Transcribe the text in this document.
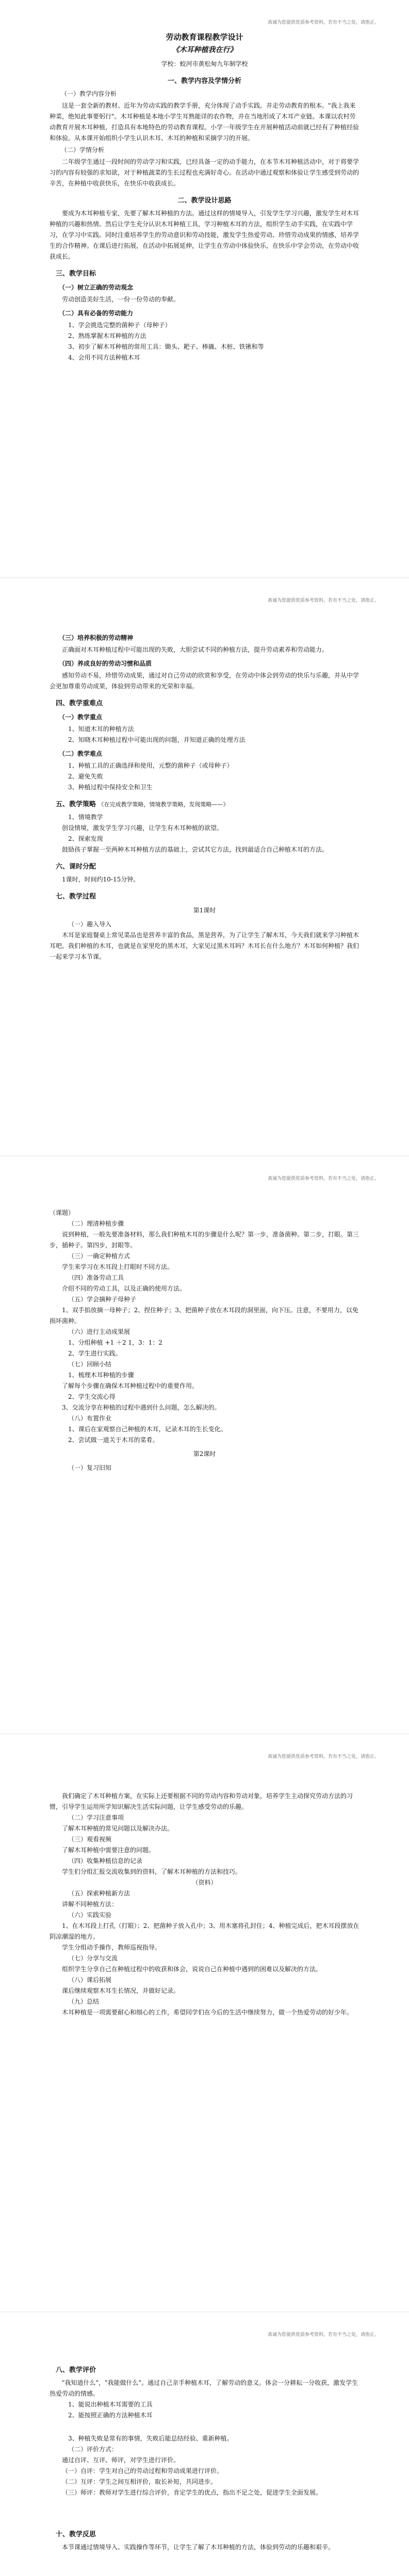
真诚为您提供优质参考资料，若有不当之处，请指正。
劳动教育课程教学设计
《木耳种植我在行》
学校：蛟河市黄松甸九年制学校
一、教学内容及学情分析
（一）教学内容分析

这是一套全新的教材。近年为劳动实践的教学手册，充分体现了动手实践。并走劳动教育的根本。"我上我来种菜，绝知此事要躬行"。木耳种植是本地小学生耳熟能详的农作物，并在当地形成了木耳产业链。本课以农村劳动教育开展木耳种植，打造具有本地特色的劳动教育课程。小学一年级学生在开展种植活动前就已经有了种植经验和体验。从本课开始组织小学生认识木耳、木耳的种植和采摘学习的开展。

（二）学情分析

二年级学生通过一段时间的劳动学习和实践，已经具备一定的动手能力，在本节木耳种植活动中，对于将要学习的内容有较强的求知欲，对于种植蔬菜的生长过程也充满好奇心。在活动中通过观察和体验让学生感受到劳动的辛苦，在种植中收获快乐，在快乐中收获成长。

二、教学设计思路

要成为木耳种植专家，先要了解木耳种植的方法。通过这样的情境导入，引发学生学习兴趣，激发学生对木耳种植的兴趣和热情。然后让学生充分认识木耳种植工具，学习种植木耳的方法，组织学生动手实践，在实践中学习，在学习中实践。同时注重培养学生的劳动意识和劳动技能，激发学生热爱劳动、珍惜劳动成果的情感，培养学生的合作精神。在课后进行拓展，在活动中拓展延伸，让学生在劳动中体验快乐，在快乐中学会劳动，在劳动中收获成长。

三、教学目标
（一）树立正确的劳动观念

劳动创造美好生活，一份一份劳动的奉献。

（二）具有必备的劳动能力
1、学会挑选完整的菌种子（母种子）
2、熟练掌握木耳种植的方法
3、初步了解木耳种植的常用工具：锄头、耙子、棒撬、木桩、铁锹和等
4、会用不同方法种植木耳
真诚为您提供优质参考资料，若有不当之处，请指正。
（三）培养积极的劳动精神

正确面对木耳种植过程中可能出现的失败，大胆尝试不同的种植方法，提升劳动素养和劳动能力。

（四）养成良好的劳动习惯和品质

感知劳动不易，珍惜劳动成果，通过对自己劳动的欣赏和享受，在劳动中体会到劳动的快乐与乐趣，并从中学会更加尊重劳动成果，体验到劳动带来的光荣和幸福。

四、教学重难点
（一）教学重点
1、知道木耳的种植方法
2、知晓木耳种植过程中可能出现的问题，并知道正确的处理方法
（二）教学难点
1、种植工具的正确选择和使用，元整的菌种子（或母种子）
2、避免失败
3、种植过程中保持安全和卫生
五、教学策略 《在完成教学策略，情境教学策略，发现策略——》
1、情境教学

创设情境，激发学生学习兴趣，让学生有木耳种植的欲望。

2、探索发现

鼓励孩子掌握一至两种木耳种植方法的基础上，尝试其它方法，找到最适合自己种植木耳的方法。

六、课时分配

1课时，时间约10-15分钟。

七、教学过程
第1课时
（一）趣入导入

木耳是家庭餐桌上常见菜品也是营养丰富的食品，黑是营养，为了让学生了解木耳，今天我们就来学习种植木耳吧。我们种植的木耳，也就是在家里吃的黑木耳，大家见过黑木耳吗？木耳长在什么地方？木耳如何种植？我们一起来学习本节课。

真诚为您提供优质参考资料，若有不当之处，请指正。
（课题）
（二）理清种植步骤

说到种植，一般先要准备材料，那么我们种植木耳的步骤是什么呢？第一步，准备菌种。第二步，打眼。第三步，插种子。第四步，封眼等。

（三）一确定种植方式

学生来学习在木耳段上打眼时不同方法。

（四）准备劳动工具

介绍不同的劳动工具，以及正确的使用方法。

（五）学会摘种子母种子

1、双手掐放摘一母种子；2、捏住种子；3、把菌种子放在木耳段的洞里面，向下压。注意，不要用力，以免损坏菌种。

（六）进行主动成果展
1、分组种植 +1 ＋2 1，3：1：2
2、学生进行实践。
（七）回顾小结
1、梳理木耳种植的步骤

了解每个步骤在确保木耳种植过程中的重要作用。

2、学生交流心得

3、交流分享在种植的过程中遇到什么问题，怎么解决的。

（八）布置作业
1、课后在家观察自己种植的木耳，记录木耳的生长变化。
2、尝试做一道关于木耳的菜肴。
第2课时
（一）复习旧知
真诚为您提供优质参考资料，若有不当之处，请指正。

我们确定了木耳种植方案，在实际上还要根据不同的劳动内容和劳动对象，培养学生主动探究劳动方法的习惯，引导学生运用所学知识解决生活实际问题，让学生感受劳动的乐趣。

（二）学习注意事项

了解木耳种植的常见问题以及解决办法。

（三）观看视频

了解木耳种植中需要注意的问题。

（四）收集种植信息的记录

学生们分组汇报交流收集到的资料，了解木耳种植的方法和技巧。

（资料）
（五）探索种植新方法

讲解不同种植方法：

（六）实践实验

1、在木耳段上打孔（打眼）；2、把菌种子放入孔中；3、用木塞将孔封住；4、种植完成后，把木耳段摆放在阴凉潮湿的地方。

学生分组动手操作，教师巡视指导。

（七）分享与交流

组织学生分享自己在种植过程中的收获和体会，说说自己在种植中遇到的困难以及解决的方法。

（八）课后拓展

课后继续观察木耳生长情况，并做好记录。

（九）总结

木耳种植是一项需要耐心和细心的工作，希望同学们在今后的生活中继续努力，做一个热爱劳动的好少年。

真诚为您提供优质参考资料，若有不当之处，请指正。
八、教学评价

"我知道什么"，"我能做什么"。通过自己亲手种植木耳，了解劳动的意义。体会一分耕耘一分收获，激发学生热爱劳动的情感。

1、能说出种植木耳需要的工具
2、能按照正确的方法种植木耳
3、种植失败是常有的事情，失败后能总结经验、重新种植。
（二）评价方式：

通过自评、互评、师评，对学生进行评价。

（一）自评：学生对自己的劳动过程和劳动成果进行评价。

（二）互评：学生之间互相评价，取长补短，共同进步。

（三）师评：教师对学生进行综合评价，肯定学生的优点，指出不足之处，促进学生全面发展。

十、教学反思

本节课通过情境导入、实践操作等环节，让学生了解了木耳种植的方法，体验到劳动的乐趣和艰辛。
